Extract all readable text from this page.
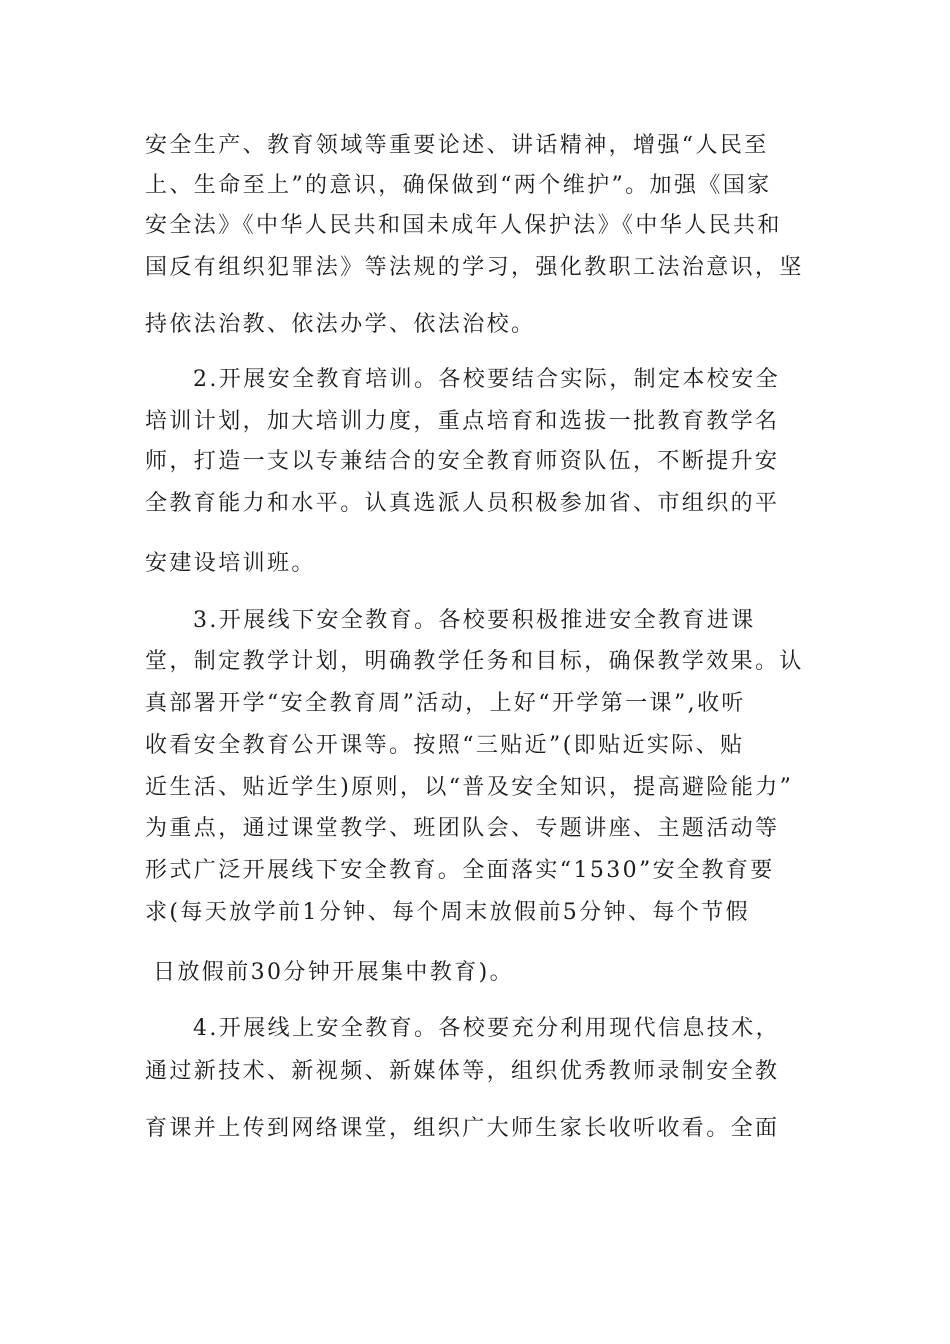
安全生产、教育领域等重要论述、讲话精神，增强“人民至
上、生命至上”的意识，确保做到“两个维护”。加强《国家
安全法》《中华人民共和国未成年人保护法》《中华人民共和
国反有组织犯罪法》等法规的学习，强化教职工法治意识，坚
持依法治教、依法办学、依法治校。
2.开展安全教育培训。各校要结合实际，制定本校安全
培训计划，加大培训力度，重点培育和选拔一批教育教学名
师，打造一支以专兼结合的安全教育师资队伍，不断提升安
全教育能力和水平。认真选派人员积极参加省、市组织的平
安建设培训班。
3.开展线下安全教育。各校要积极推进安全教育进课
堂，制定教学计划，明确教学任务和目标，确保教学效果。认
真部署开学“安全教育周”活动，上好“开学第一课”,收听
收看安全教育公开课等。按照“三贴近”(即贴近实际、贴
近生活、贴近学生)原则，以“普及安全知识，提高避险能力”
为重点，通过课堂教学、班团队会、专题讲座、主题活动等
形式广泛开展线下安全教育。全面落实“1530”安全教育要
求(每天放学前1分钟、每个周末放假前5分钟、每个节假
日放假前30分钟开展集中教育)。
4.开展线上安全教育。各校要充分利用现代信息技术，
通过新技术、新视频、新媒体等，组织优秀教师录制安全教
育课并上传到网络课堂，组织广大师生家长收听收看。全面
